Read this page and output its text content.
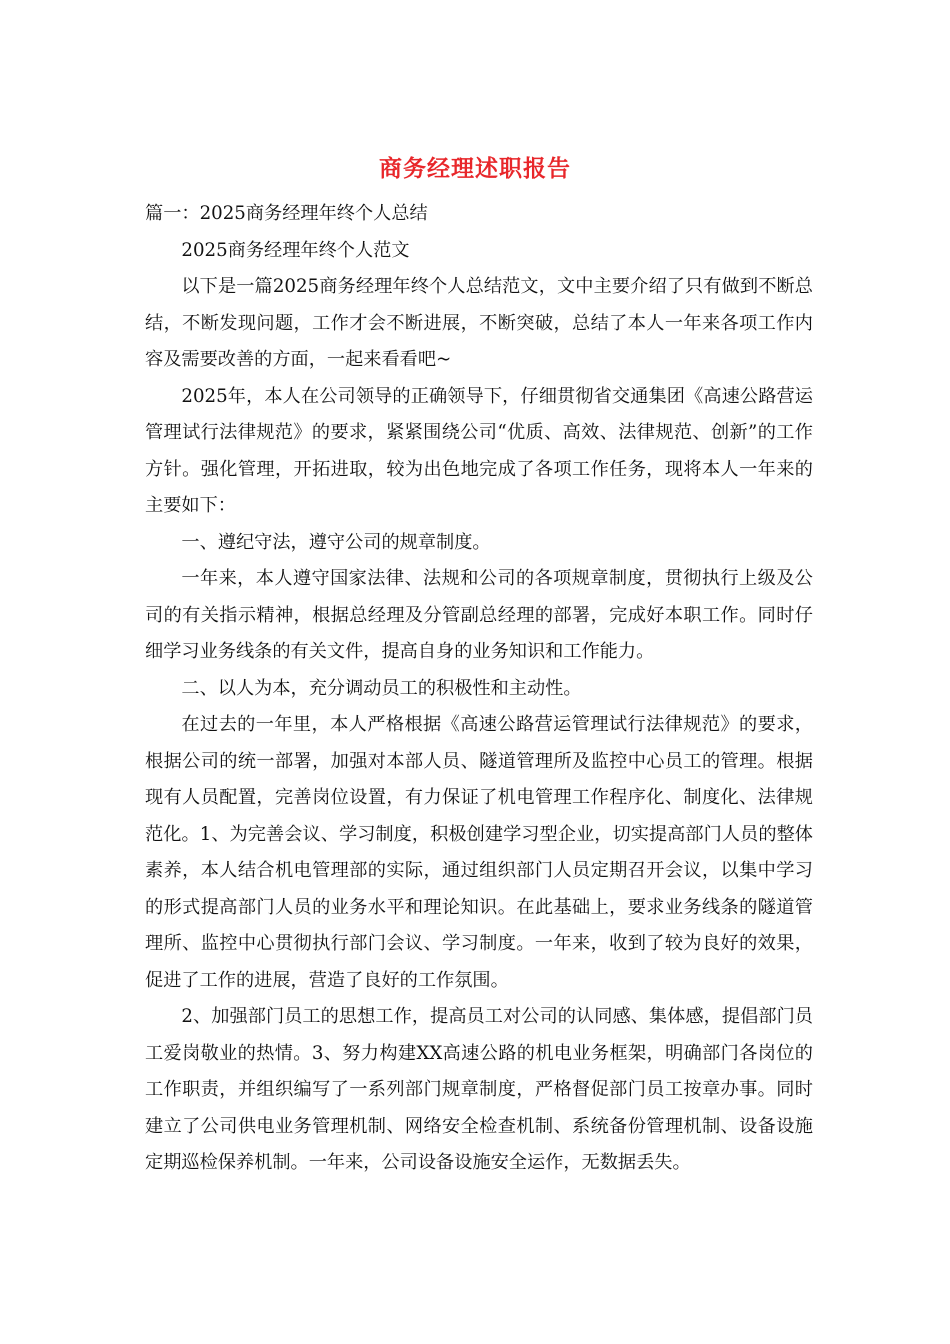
商务经理述职报告

篇一：2025商务经理年终个人总结

2025商务经理年终个人范文

以下是一篇2025商务经理年终个人总结范文，文中主要介绍了只有做到不断总结，不断发现问题，工作才会不断进展，不断突破，总结了本人一年来各项工作内容及需要改善的方面，一起来看看吧~

2025年，本人在公司领导的正确领导下，仔细贯彻省交通集团《高速公路营运管理试行法律规范》的要求，紧紧围绕公司“优质、高效、法律规范、创新”的工作方针。强化管理，开拓进取，较为出色地完成了各项工作任务，现将本人一年来的主要如下：

一、遵纪守法，遵守公司的规章制度。

一年来，本人遵守国家法律、法规和公司的各项规章制度，贯彻执行上级及公司的有关指示精神，根据总经理及分管副总经理的部署，完成好本职工作。同时仔细学习业务线条的有关文件，提高自身的业务知识和工作能力。

二、以人为本，充分调动员工的积极性和主动性。

在过去的一年里，本人严格根据《高速公路营运管理试行法律规范》的要求，根据公司的统一部署，加强对本部人员、隧道管理所及监控中心员工的管理。根据现有人员配置，完善岗位设置，有力保证了机电管理工作程序化、制度化、法律规范化。1、为完善会议、学习制度，积极创建学习型企业，切实提高部门人员的整体素养，本人结合机电管理部的实际，通过组织部门人员定期召开会议，以集中学习的形式提高部门人员的业务水平和理论知识。在此基础上，要求业务线条的隧道管理所、监控中心贯彻执行部门会议、学习制度。一年来，收到了较为良好的效果，促进了工作的进展，营造了良好的工作氛围。

2、加强部门员工的思想工作，提高员工对公司的认同感、集体感，提倡部门员工爱岗敬业的热情。3、努力构建XX高速公路的机电业务框架，明确部门各岗位的工作职责，并组织编写了一系列部门规章制度，严格督促部门员工按章办事。同时建立了公司供电业务管理机制、网络安全检查机制、系统备份管理机制、设备设施定期巡检保养机制。一年来，公司设备设施安全运作，无数据丢失。
